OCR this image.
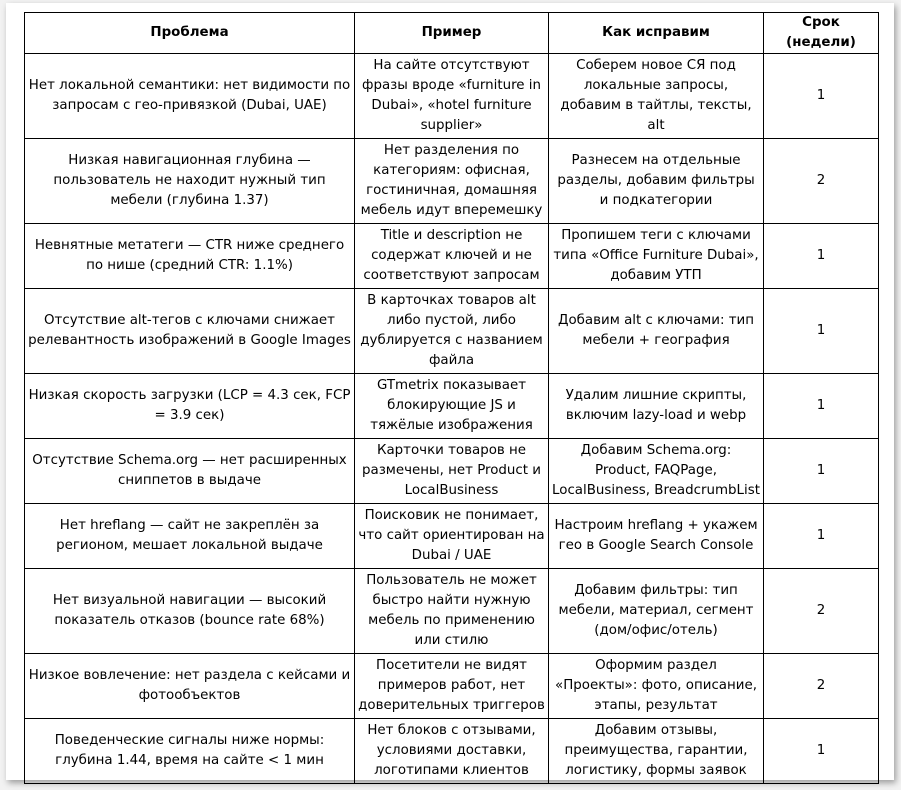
Проблема	Пример	Как исправим	Срок (недели)
Нет локальной семантики: нет видимости по запросам с гео-привязкой (Dubai, UAE)	На сайте отсутствуют фразы вроде «furniture in Dubai», «hotel furniture supplier»	Соберем новое СЯ под локальные запросы, добавим в тайтлы, тексты, alt	1
Низкая навигационная глубина — пользователь не находит нужный тип мебели (глубина 1.37)	Нет разделения по категориям: офисная, гостиничная, домашняя мебель идут вперемешку	Разнесем на отдельные разделы, добавим фильтры и подкатегории	2
Невнятные метатеги — CTR ниже среднего по нише (средний CTR: 1.1%)	Title и description не содержат ключей и не соответствуют запросам	Пропишем теги с ключами типа «Office Furniture Dubai», добавим УТП	1
Отсутствие alt-тегов с ключами снижает релевантность изображений в Google Images	В карточках товаров alt либо пустой, либо дублируется с названием файла	Добавим alt с ключами: тип мебели + география	1
Низкая скорость загрузки (LCP = 4.3 сек, FCP = 3.9 сек)	GTmetrix показывает блокирующие JS и тяжёлые изображения	Удалим лишние скрипты, включим lazy-load и webp	1
Отсутствие Schema.org — нет расширенных сниппетов в выдаче	Карточки товаров не размечены, нет Product и LocalBusiness	Добавим Schema.org: Product, FAQPage, LocalBusiness, BreadcrumbList	1
Нет hreflang — сайт не закреплён за регионом, мешает локальной выдаче	Поисковик не понимает, что сайт ориентирован на Dubai / UAE	Настроим hreflang + укажем гео в Google Search Console	1
Нет визуальной навигации — высокий показатель отказов (bounce rate 68%)	Пользователь не может быстро найти нужную мебель по применению или стилю	Добавим фильтры: тип мебели, материал, сегмент (дом/офис/отель)	2
Низкое вовлечение: нет раздела с кейсами и фотообъектов	Посетители не видят примеров работ, нет доверительных триггеров	Оформим раздел «Проекты»: фото, описание, этапы, результат	2
Поведенческие сигналы ниже нормы: глубина 1.44, время на сайте < 1 мин	Нет блоков с отзывами, условиями доставки, логотипами клиентов	Добавим отзывы, преимущества, гарантии, логистику, формы заявок	1
